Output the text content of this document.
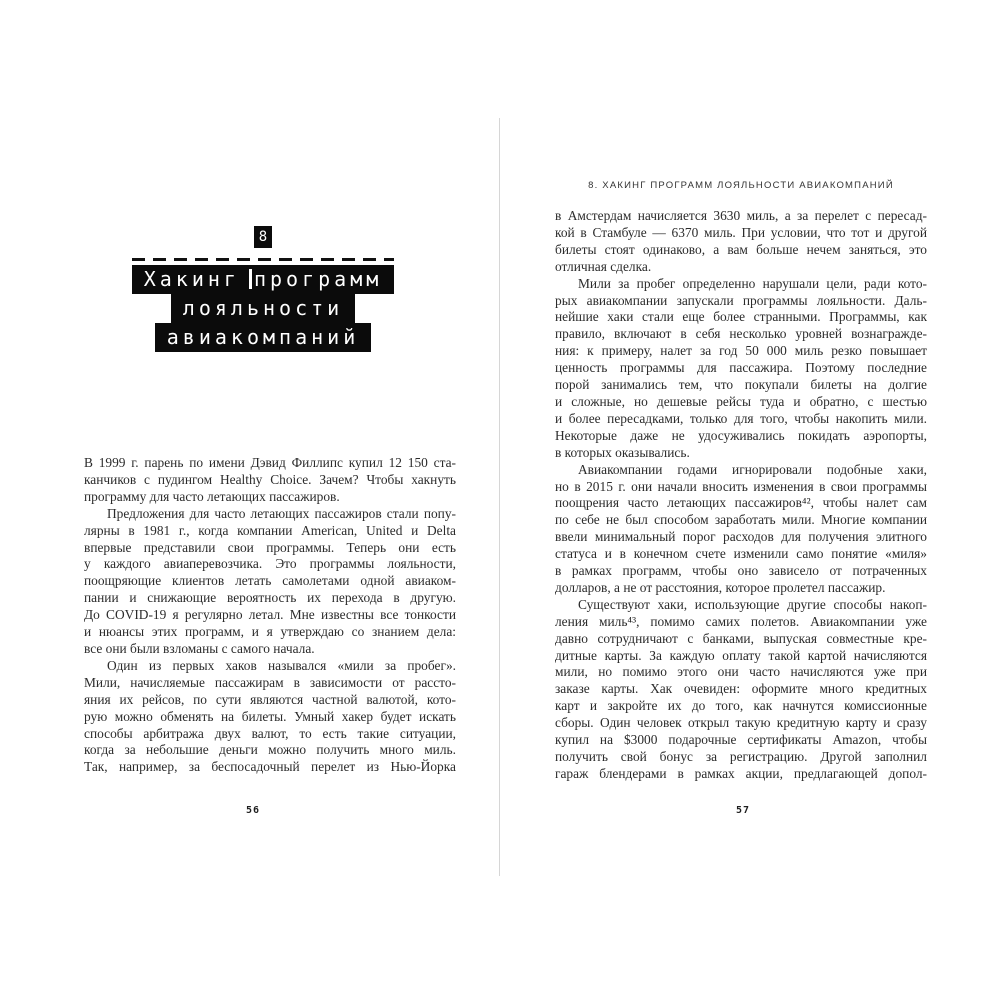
8
Хакинг программ
лояльности
авиакомпаний
В 1999 г. парень по имени Дэвид Филлипс купил 12 150 ста-
канчиков с пудингом Healthy Choice. Зачем? Чтобы хакнуть
программу для часто летающих пассажиров.
Предложения для часто летающих пассажиров стали попу-
лярны в 1981 г., когда компании American, United и Delta
впервые представили свои программы. Теперь они есть
у каждого авиаперевозчика. Это программы лояльности,
поощряющие клиентов летать самолетами одной авиаком-
пании и снижающие вероятность их перехода в другую.
До COVID-19 я регулярно летал. Мне известны все тонкости
и нюансы этих программ, и я утверждаю со знанием дела:
все они были взломаны с самого начала.
Один из первых хаков назывался «мили за пробег».
Мили, начисляемые пассажирам в зависимости от рассто-
яния их рейсов, по сути являются частной валютой, кото-
рую можно обменять на билеты. Умный хакер будет искать
способы арбитража двух валют, то есть такие ситуации,
когда за небольшие деньги можно получить много миль.
Так, например, за беспосадочный перелет из Нью-Йорка
56
8. ХАКИНГ ПРОГРАММ ЛОЯЛЬНОСТИ АВИАКОМПАНИЙ
в Амстердам начисляется 3630 миль, а за перелет с пересад-
кой в Стамбуле — 6370 миль. При условии, что тот и другой
билеты стоят одинаково, а вам больше нечем заняться, это
отличная сделка.
Мили за пробег определенно нарушали цели, ради кото-
рых авиакомпании запускали программы лояльности. Даль-
нейшие хаки стали еще более странными. Программы, как
правило, включают в себя несколько уровней вознагражде-
ния: к примеру, налет за год 50 000 миль резко повышает
ценность программы для пассажира. Поэтому последние
порой занимались тем, что покупали билеты на долгие
и сложные, но дешевые рейсы туда и обратно, с шестью
и более пересадками, только для того, чтобы накопить мили.
Некоторые даже не удосуживались покидать аэропорты,
в которых оказывались.
Авиакомпании годами игнорировали подобные хаки,
но в 2015 г. они начали вносить изменения в свои программы
поощрения часто летающих пассажиров⁴², чтобы налет сам
по себе не был способом заработать мили. Многие компании
ввели минимальный порог расходов для получения элитного
статуса и в конечном счете изменили само понятие «миля»
в рамках программ, чтобы оно зависело от потраченных
долларов, а не от расстояния, которое пролетел пассажир.
Существуют хаки, использующие другие способы накоп-
ления миль⁴³, помимо самих полетов. Авиакомпании уже
давно сотрудничают с банками, выпуская совместные кре-
дитные карты. За каждую оплату такой картой начисляются
мили, но помимо этого они часто начисляются уже при
заказе карты. Хак очевиден: оформите много кредитных
карт и закройте их до того, как начнутся комиссионные
сборы. Один человек открыл такую кредитную карту и сразу
купил на $3000 подарочные сертификаты Amazon, чтобы
получить свой бонус за регистрацию. Другой заполнил
гараж блендерами в рамках акции, предлагающей допол-
57
